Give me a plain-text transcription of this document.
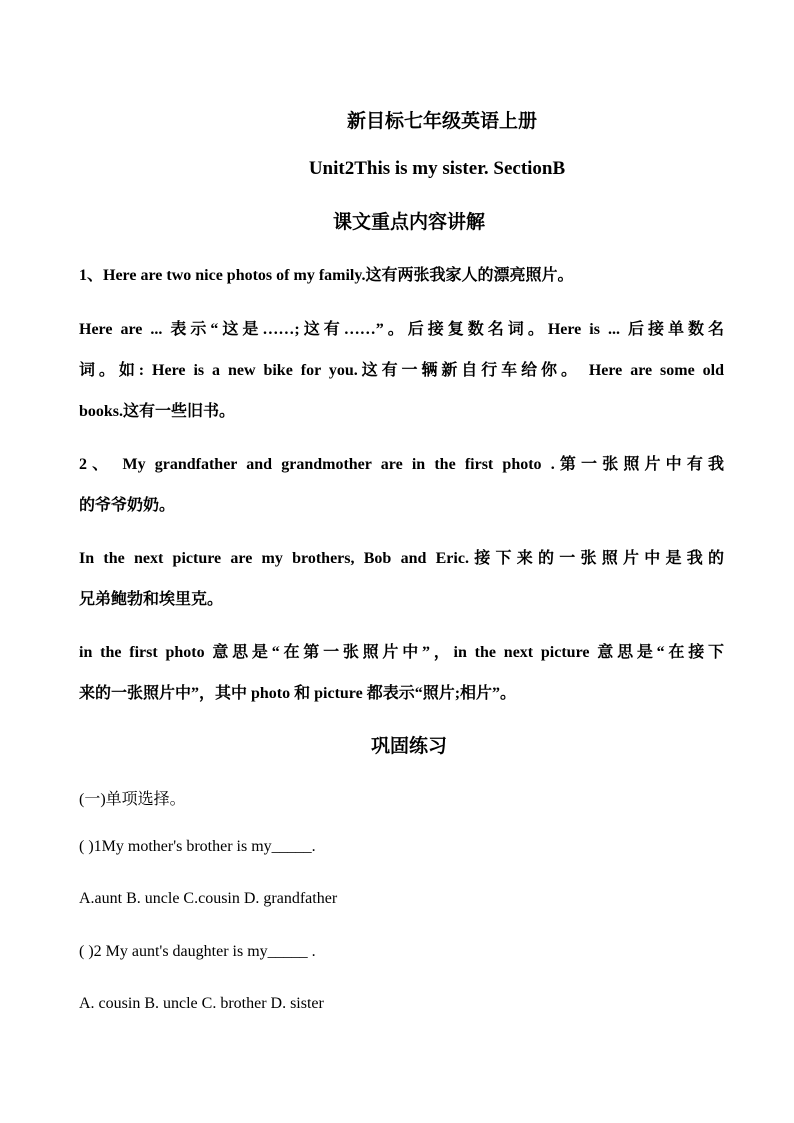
新目标七年级英语上册
Unit2This is my sister. SectionB
课文重点内容讲解
1、Here are two nice photos of my family.这有两张我家人的漂亮照片。
Here are ... 表示“这是……;这有……”。后接复数名词。Here is ... 后接单数名
词。如: Here is a new bike for you.这有一辆新自行车给你。 Here are some old
books.这有一些旧书。
2、 My grandfather and grandmother are in the first photo .第一张照片中有我
的爷爷奶奶。
In the next picture are my brothers, Bob and Eric.接下来的一张照片中是我的
兄弟鲍勃和埃里克。
in the first photo 意思是“在第一张照片中”，in the next picture 意思是“在接下
来的一张照片中”，其中 photo 和 picture 都表示“照片;相片”。
巩固练习
(一)单项选择。
( )1My mother's brother is my_____.
A.aunt B. uncle C.cousin D. grandfather
( )2 My aunt's daughter is my_____ .
A. cousin B. uncle C. brother D. sister
